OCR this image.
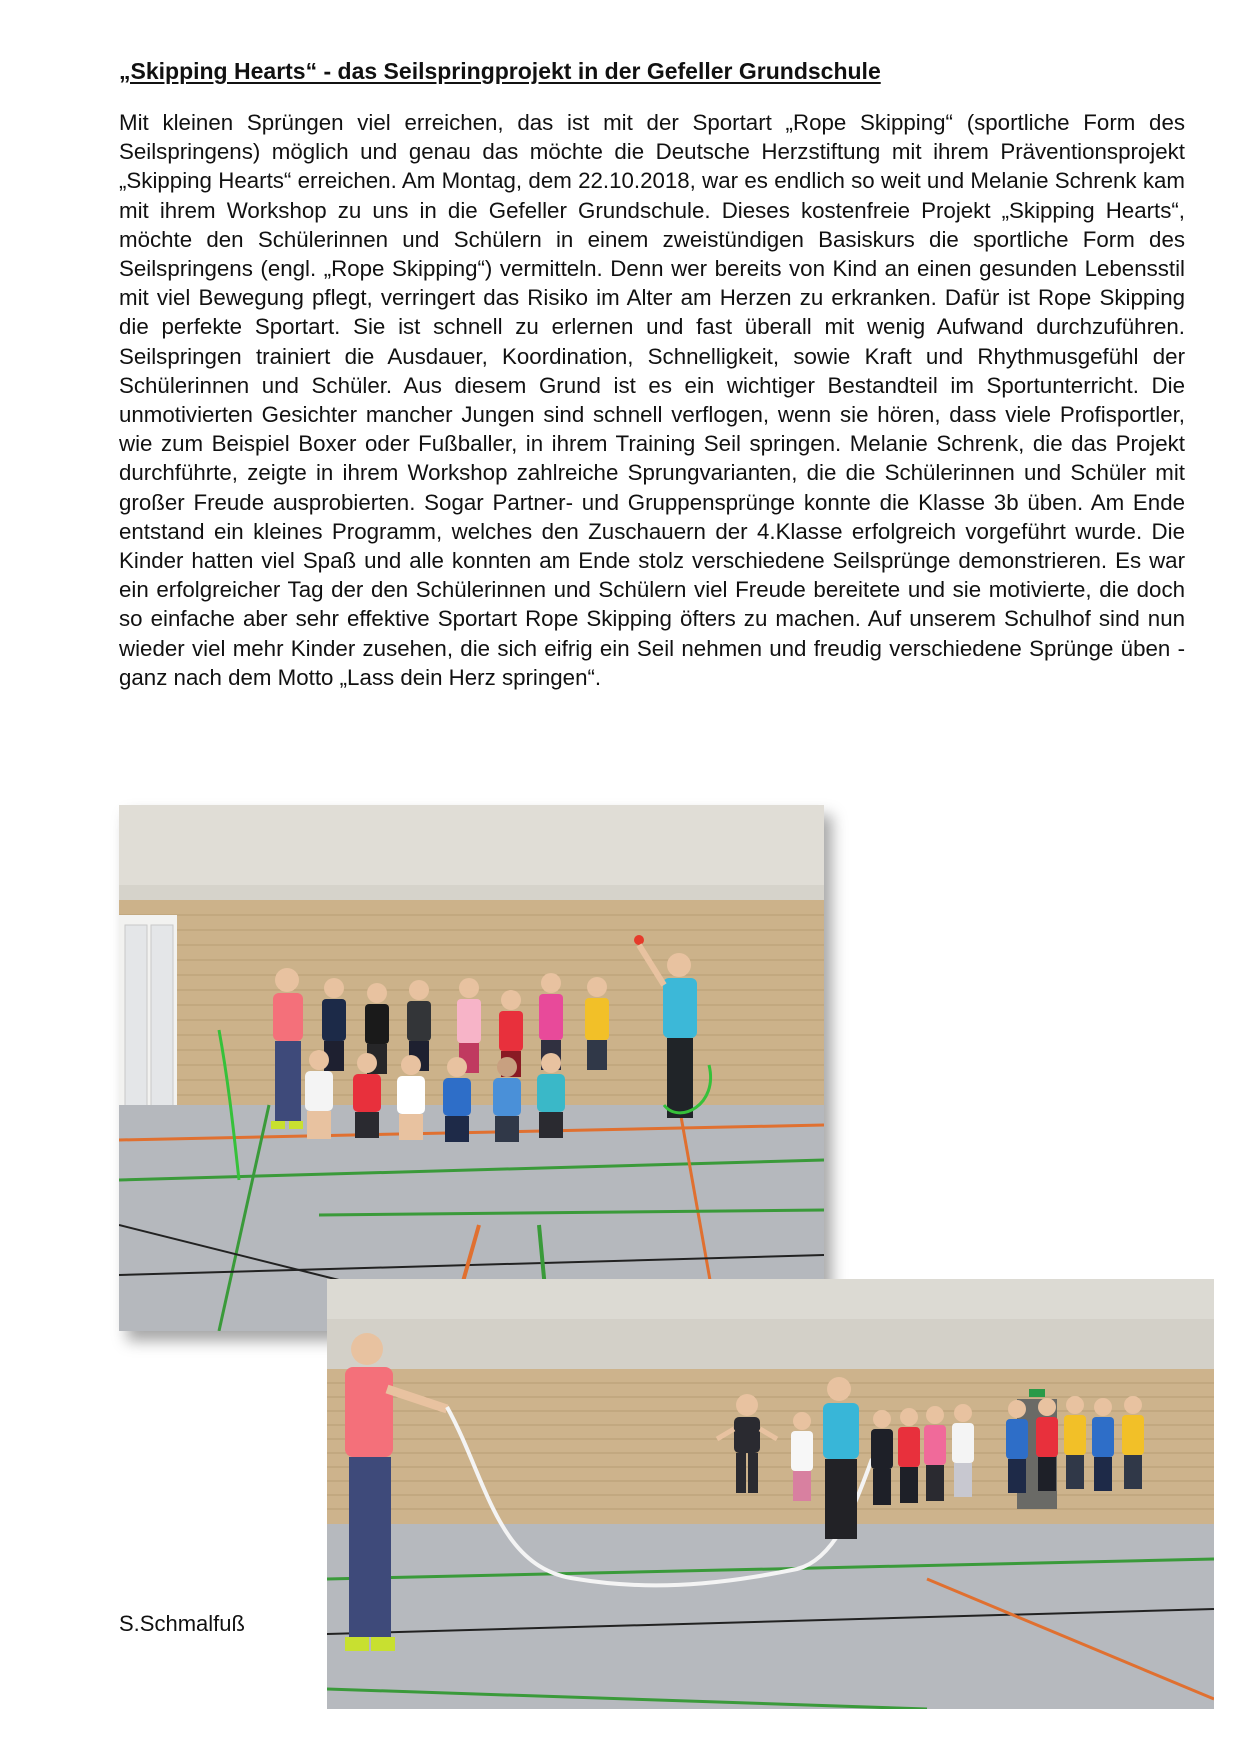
„Skipping Hearts“ - das Seilspringprojekt in der Gefeller Grundschule

Mit kleinen Sprüngen viel erreichen, das ist mit der Sportart „Rope Skipping“ (sportliche Form des Seilspringens) möglich und genau das möchte die Deutsche Herzstiftung mit ihrem Präventionsprojekt „Skipping Hearts“ erreichen. Am Montag, dem 22.10.2018, war es endlich so weit und Melanie Schrenk kam mit ihrem Workshop zu uns in die Gefeller Grundschule. Dieses kostenfreie Projekt „Skipping Hearts“, möchte den Schülerinnen und Schülern in einem zweistündigen Basiskurs die sportliche Form des Seilspringens (engl. „Rope Skipping“) vermitteln. Denn wer bereits von Kind an einen gesunden Lebensstil mit viel Bewegung pflegt, verringert das Risiko im Alter am Herzen zu erkranken. Dafür ist Rope Skipping die perfekte Sportart. Sie ist schnell zu erlernen und fast überall mit wenig Aufwand durchzuführen. Seilspringen trainiert die Ausdauer, Koordination, Schnelligkeit, sowie Kraft und Rhythmusgefühl der Schülerinnen und Schüler. Aus diesem Grund ist es ein wichtiger Bestandteil im Sportunterricht. Die unmotivierten Gesichter mancher Jungen sind schnell verflogen, wenn sie hören, dass viele Profisportler, wie zum Beispiel Boxer oder Fußballer, in ihrem Training Seil springen. Melanie Schrenk, die das Projekt durchführte, zeigte in ihrem Workshop zahlreiche Sprungvarianten, die die Schülerinnen und Schüler mit großer Freude ausprobierten. Sogar Partner- und Gruppensprünge konnte die Klasse 3b üben. Am Ende entstand ein kleines Programm, welches den Zuschauern der 4.Klasse erfolgreich vorgeführt wurde. Die Kinder hatten viel Spaß und alle konnten am Ende stolz verschiedene Seilsprünge demonstrieren. Es war ein erfolgreicher Tag der den Schülerinnen und Schülern viel Freude bereitete und sie motivierte, die doch so einfache aber sehr effektive Sportart Rope Skipping öfters zu machen. Auf unserem Schulhof sind nun wieder viel mehr Kinder zusehen, die sich eifrig ein Seil nehmen und freudig verschiedene Sprünge üben - ganz nach dem Motto „Lass dein Herz springen“.

S.Schmalfuß
